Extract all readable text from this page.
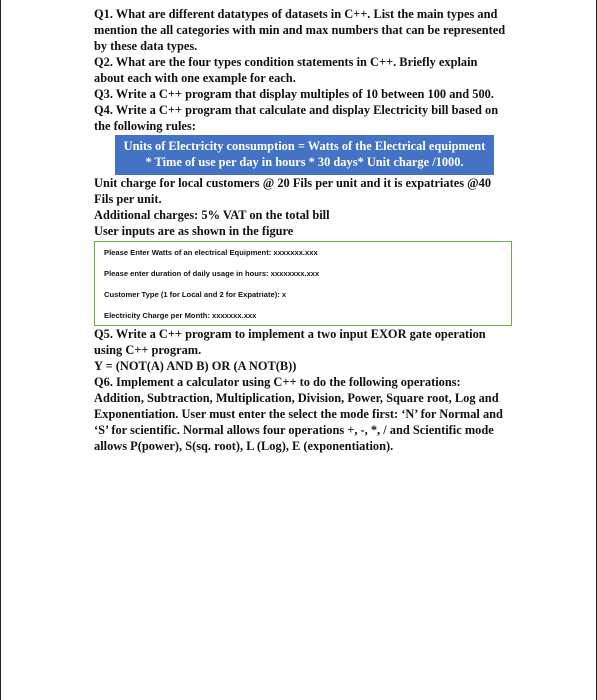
Q1. What are different datatypes of datasets in C++. List the main types and mention the all categories with min and max numbers that can be represented by these data types.

Q2. What are the four types condition statements in C++. Briefly explain about each with one example for each.

Q3. Write a C++ program that display multiples of 10 between 100 and 500.

Q4. Write a C++ program that calculate and display Electricity bill based on the following rules:

Units of Electricity consumption = Watts of the Electrical equipment * Time of use per day in hours * 30 days* Unit charge /1000.

Unit charge for local customers @ 20 Fils per unit and it is expatriates @40 Fils per unit.

Additional charges: 5% VAT on the total bill

User inputs are as shown in the figure

Please Enter Watts of an electrical Equipment: xxxxxxx.xxx
Please enter duration of daily usage in hours: xxxxxxxx.xxx
Customer Type (1 for Local and 2 for Expatriate): x
Electricity Charge per Month: xxxxxxx.xxx

Q5. Write a C++ program to implement a two input EXOR gate operation using C++ program.

Y = (NOT(A) AND B) OR (A NOT(B))

Q6. Implement a calculator using C++ to do the following operations: Addition, Subtraction, Multiplication, Division, Power, Square root, Log and Exponentiation. User must enter the select the mode first: ‘N’ for Normal and ‘S’ for scientific. Normal allows four operations +, -, *, / and Scientific mode allows P(power), S(sq. root), L (Log), E (exponentiation).
